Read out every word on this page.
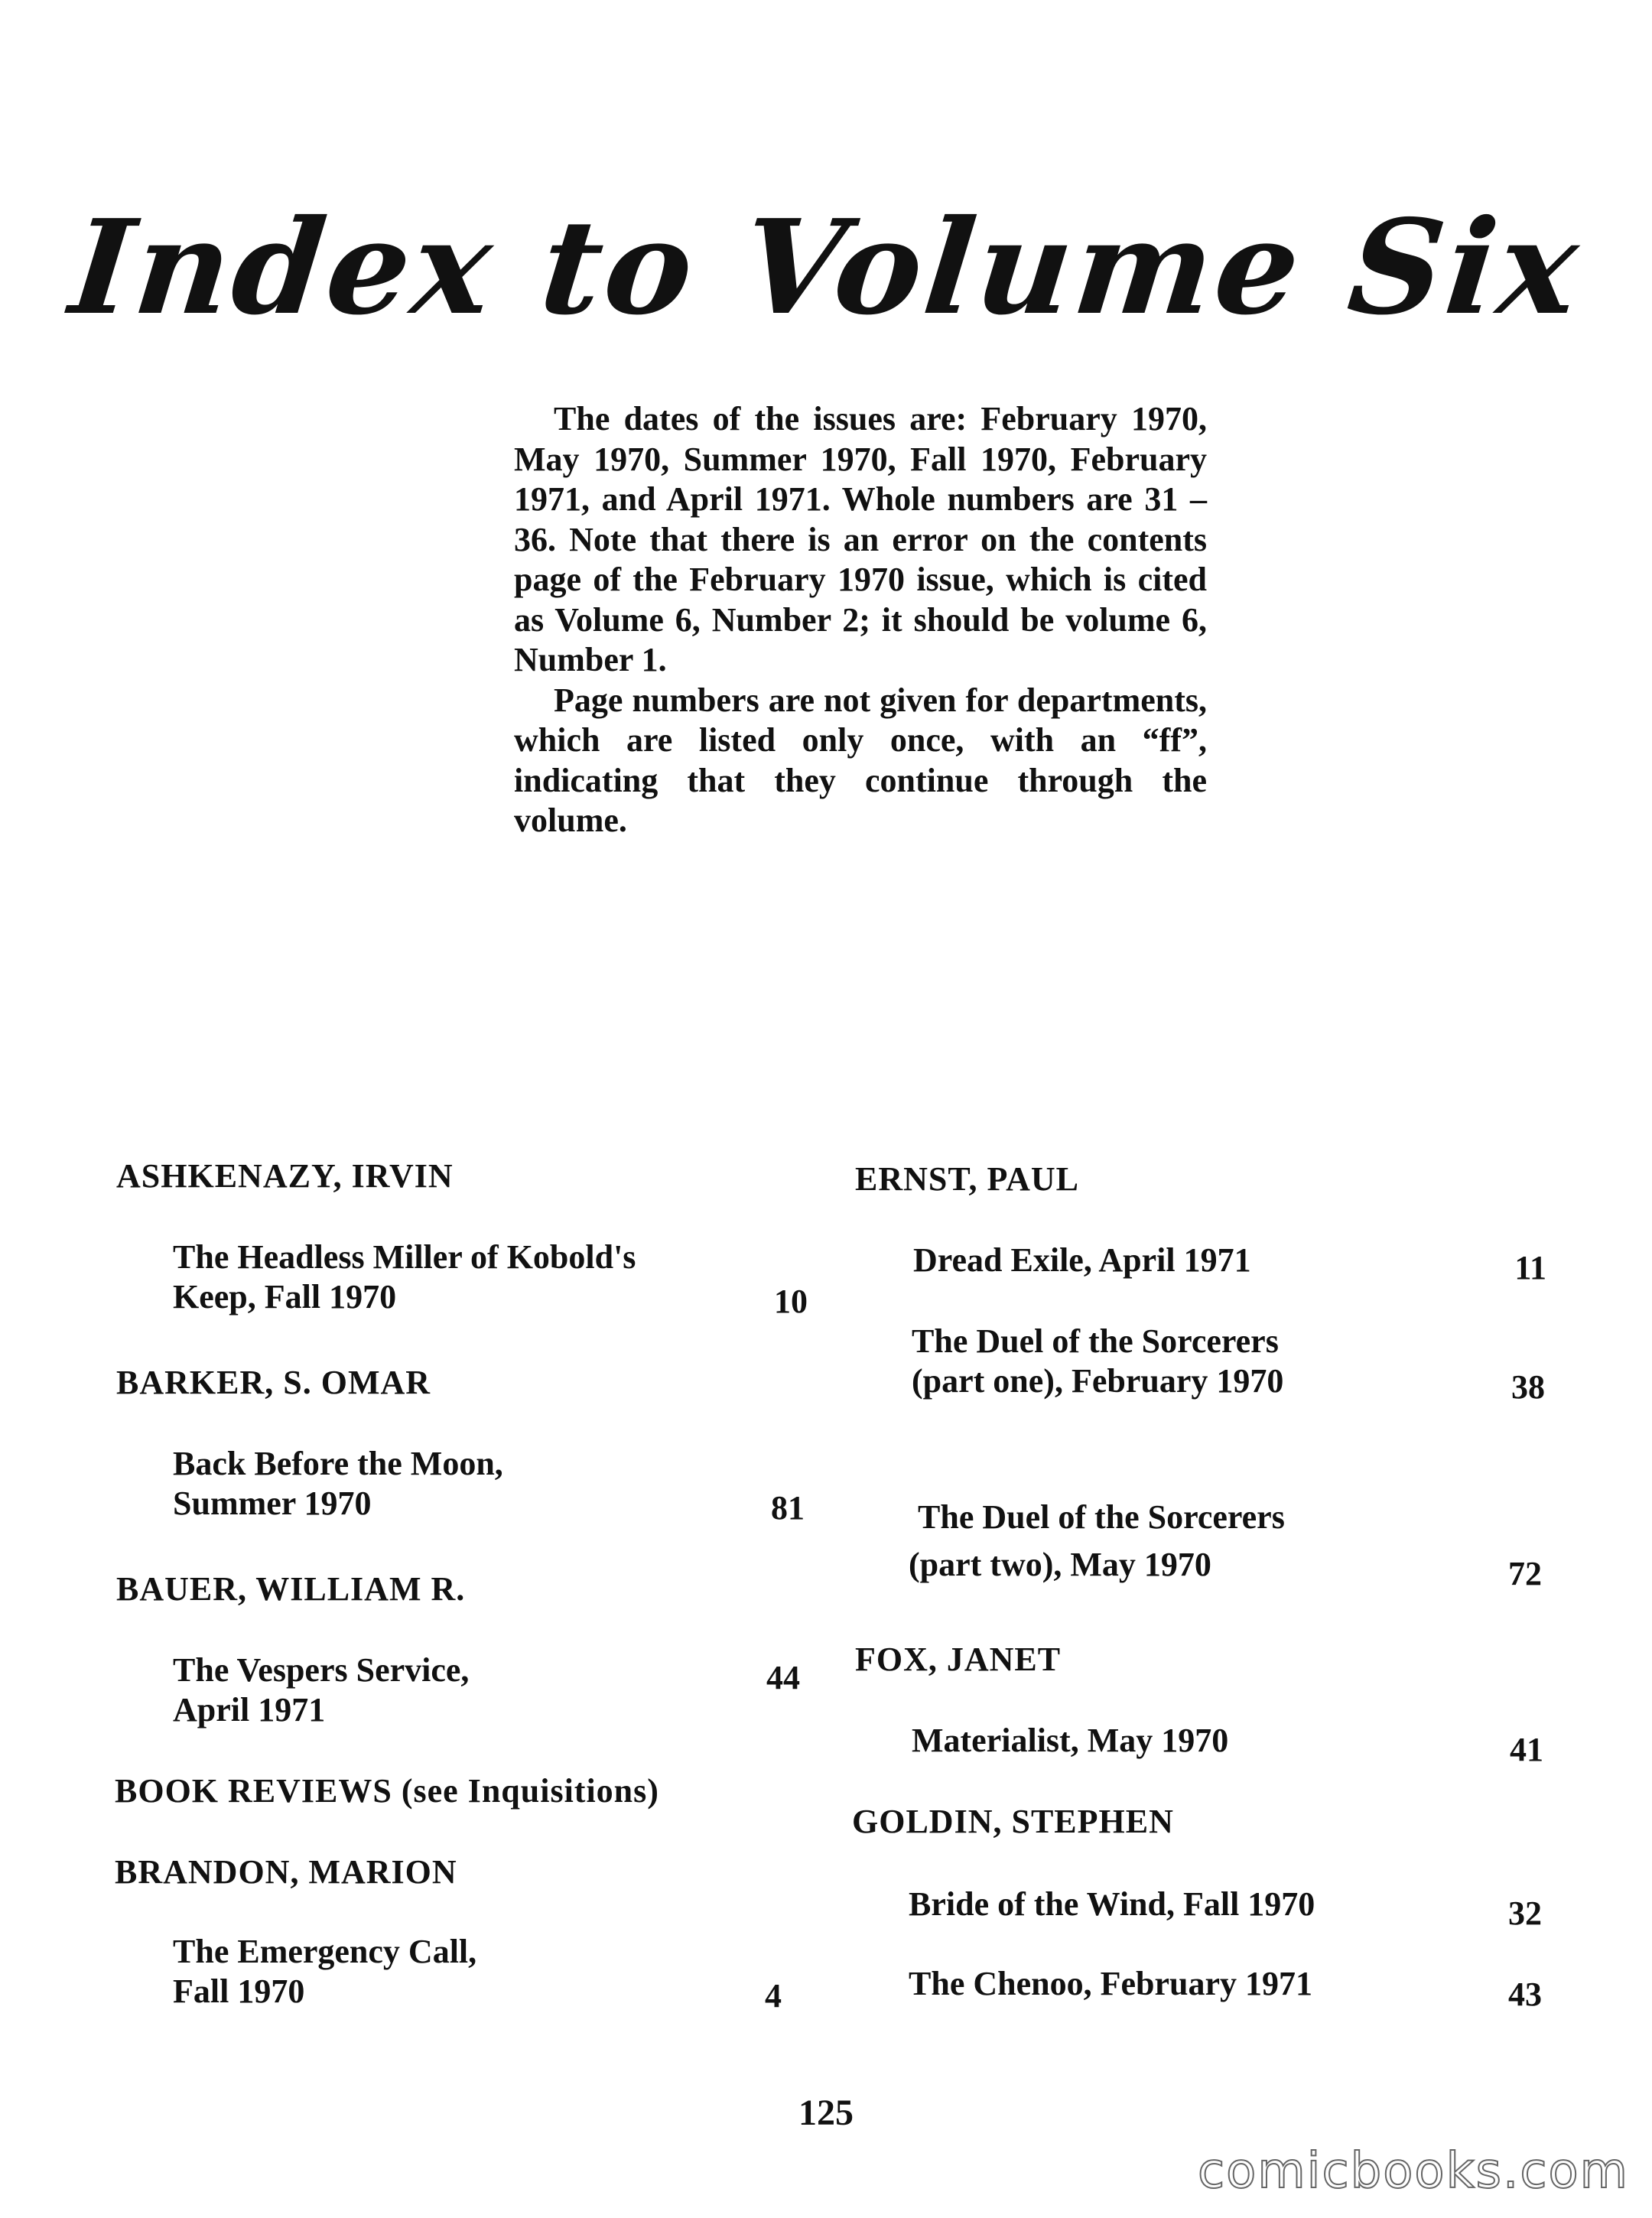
Index to Volume Six

The dates of the issues are: February 1970, May 1970, Summer 1970, Fall 1970, February 1971, and April 1971. Whole numbers are 31 – 36. Note that there is an error on the contents page of the February 1970 issue, which is cited as Volume 6, Number 2; it should be volume 6, Number 1.

Page numbers are not given for departments, which are listed only once, with an “ff”, indicating that they continue through the volume.

ASHKENAZY, IRVIN
The Headless Miller of Kobold's
Keep, Fall 1970	10
BARKER, S. OMAR
Back Before the Moon,
Summer 1970	81
BAUER, WILLIAM R.
The Vespers Service,
April 1971
44
BOOK REVIEWS (see Inquisitions)
BRANDON, MARION
The Emergency Call,
Fall 1970	4
ERNST, PAUL
Dread Exile, April 1971	11
The Duel of the Sorcerers
(part one), February 1970	38
The Duel of the Sorcerers
(part two), May 1970	72
FOX, JANET
Materialist, May 1970	41
GOLDIN, STEPHEN
Bride of the Wind, Fall 1970	32
The Chenoo, February 1971	43
125
comicbooks.com
